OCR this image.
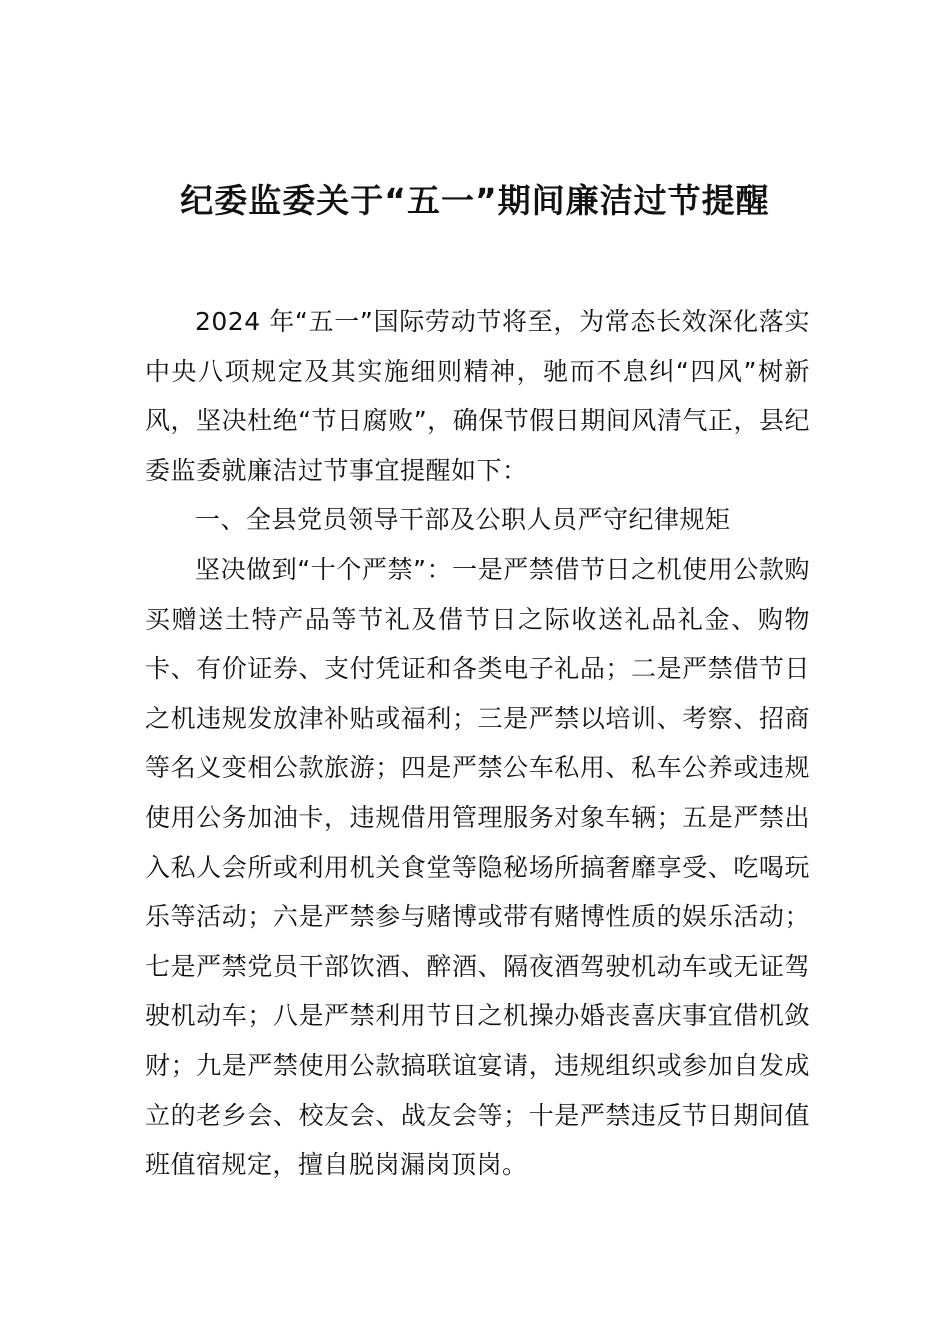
纪委监委关于“五一”期间廉洁过节提醒

2024 年“五一”国际劳动节将至，为常态长效深化落实中央八项规定及其实施细则精神，驰而不息纠“四风”树新风，坚决杜绝“节日腐败”，确保节假日期间风清气正，县纪委监委就廉洁过节事宜提醒如下：

一、全县党员领导干部及公职人员严守纪律规矩

坚决做到“十个严禁”：一是严禁借节日之机使用公款购买赠送土特产品等节礼及借节日之际收送礼品礼金、购物卡、有价证券、支付凭证和各类电子礼品；二是严禁借节日之机违规发放津补贴或福利；三是严禁以培训、考察、招商等名义变相公款旅游；四是严禁公车私用、私车公养或违规使用公务加油卡，违规借用管理服务对象车辆；五是严禁出入私人会所或利用机关食堂等隐秘场所搞奢靡享受、吃喝玩乐等活动；六是严禁参与赌博或带有赌博性质的娱乐活动；七是严禁党员干部饮酒、醉酒、隔夜酒驾驶机动车或无证驾驶机动车；八是严禁利用节日之机操办婚丧喜庆事宜借机敛财；九是严禁使用公款搞联谊宴请，违规组织或参加自发成立的老乡会、校友会、战友会等；十是严禁违反节日期间值班值宿规定，擅自脱岗漏岗顶岗。
